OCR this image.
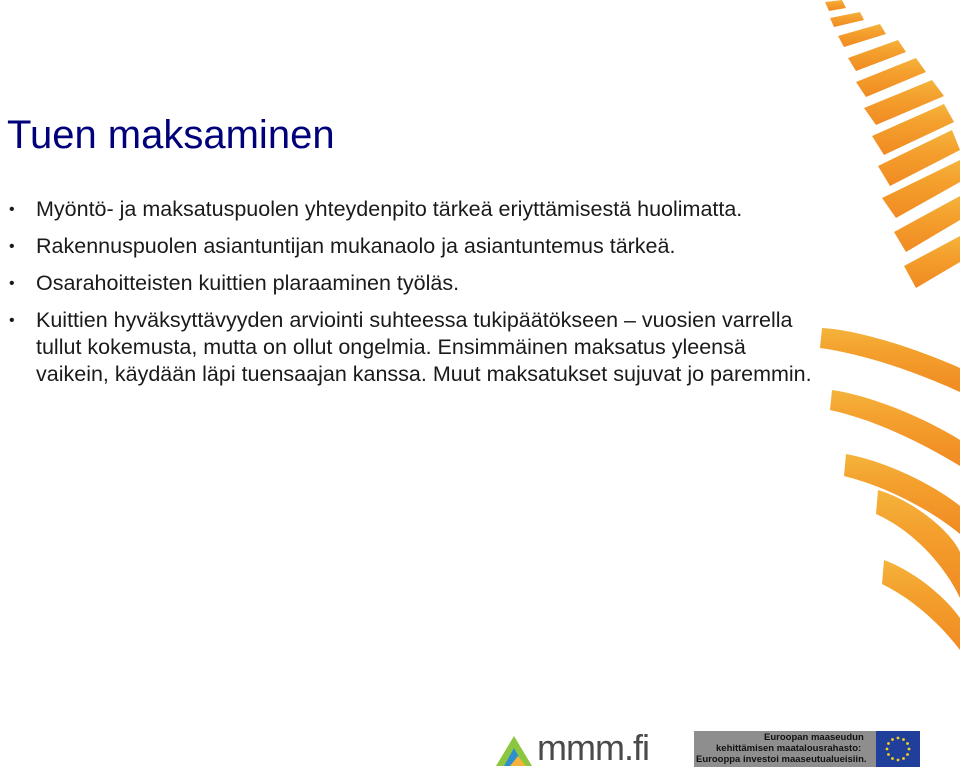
Tuen maksaminen
• Myöntö- ja maksatuspuolen yhteydenpito tärkeä eriyttämisestä huolimatta.
• Rakennuspuolen asiantuntijan mukanaolo ja asiantuntemus tärkeä.
• Osarahoitteisten kuittien plaraaminen työläs.
• Kuittien hyväksyttävyyden arviointi suhteessa tukipäätökseen – vuosien varrella tullut kokemusta, mutta on ollut ongelmia. Ensimmäinen maksatus yleensä vaikein, käydään läpi tuensaajan kanssa. Muut maksatukset sujuvat jo paremmin.
mmm.fi	Euroopan maaseudun
kehittämisen maatalousrahasto:
Eurooppa investoi maaseutualueisiin.
